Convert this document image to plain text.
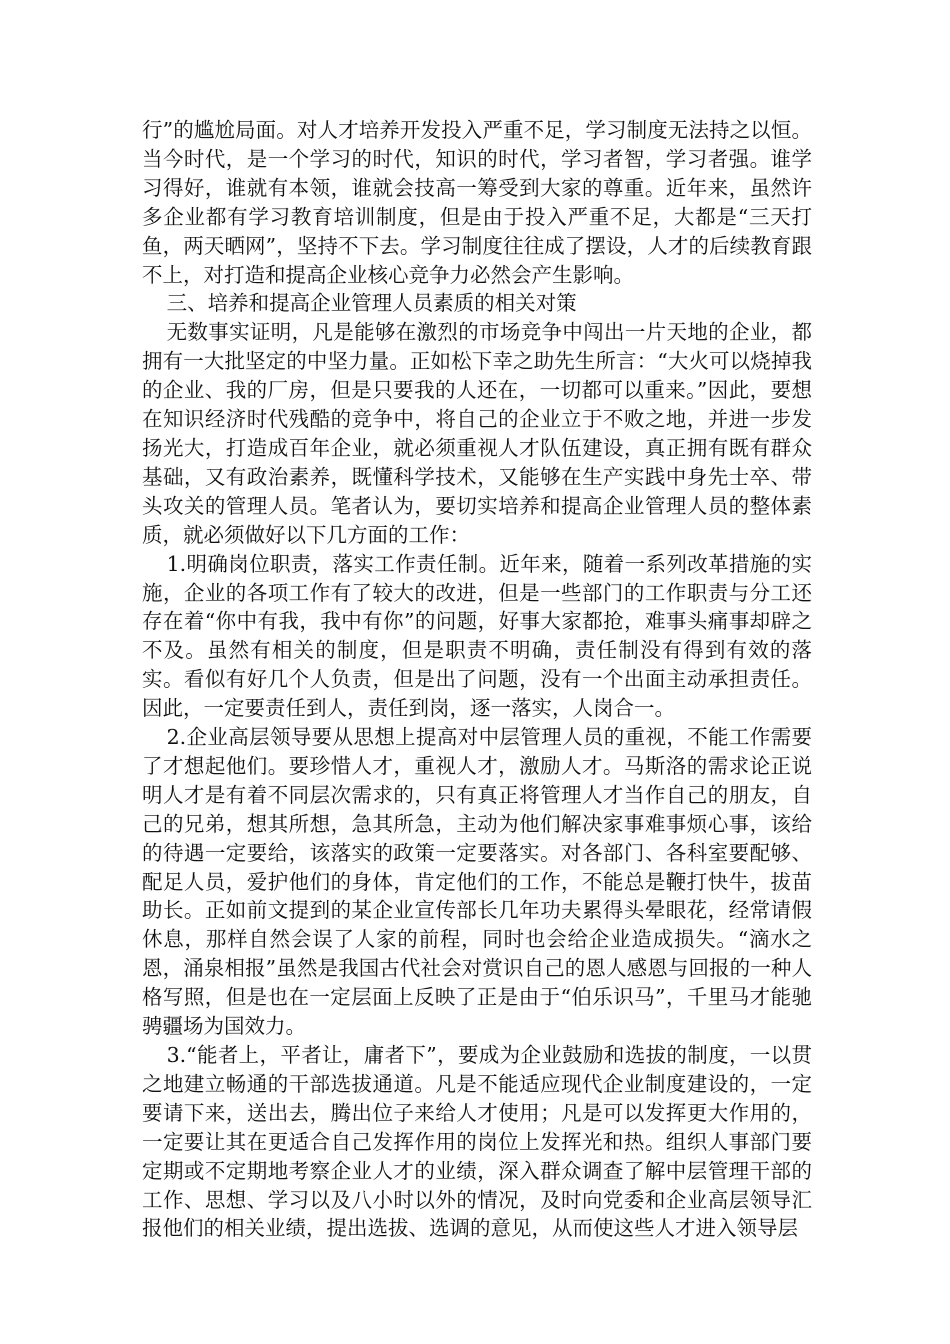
行”的尴尬局面。对人才培养开发投入严重不足，学习制度无法持之以恒。当今时代，是一个学习的时代，知识的时代，学习者智，学习者强。谁学习得好，谁就有本领，谁就会技高一筹受到大家的尊重。近年来，虽然许多企业都有学习教育培训制度，但是由于投入严重不足，大都是“三天打鱼，两天晒网”，坚持不下去。学习制度往往成了摆设，人才的后续教育跟不上，对打造和提高企业核心竞争力必然会产生影响。

三、培养和提高企业管理人员素质的相关对策

无数事实证明，凡是能够在激烈的市场竞争中闯出一片天地的企业，都拥有一大批坚定的中坚力量。正如松下幸之助先生所言：“大火可以烧掉我的企业、我的厂房，但是只要我的人还在，一切都可以重来。”因此，要想在知识经济时代残酷的竞争中，将自己的企业立于不败之地，并进一步发扬光大，打造成百年企业，就必须重视人才队伍建设，真正拥有既有群众基础，又有政治素养，既懂科学技术，又能够在生产实践中身先士卒、带头攻关的管理人员。笔者认为，要切实培养和提高企业管理人员的整体素质，就必须做好以下几方面的工作：

1.明确岗位职责，落实工作责任制。近年来，随着一系列改革措施的实施，企业的各项工作有了较大的改进，但是一些部门的工作职责与分工还存在着“你中有我，我中有你”的问题，好事大家都抢，难事头痛事却辟之不及。虽然有相关的制度，但是职责不明确，责任制没有得到有效的落实。看似有好几个人负责，但是出了问题，没有一个出面主动承担责任。因此，一定要责任到人，责任到岗，逐一落实，人岗合一。

2.企业高层领导要从思想上提高对中层管理人员的重视，不能工作需要了才想起他们。要珍惜人才，重视人才，激励人才。马斯洛的需求论正说明人才是有着不同层次需求的，只有真正将管理人才当作自己的朋友，自己的兄弟，想其所想，急其所急，主动为他们解决家事难事烦心事，该给的待遇一定要给，该落实的政策一定要落实。对各部门、各科室要配够、配足人员，爱护他们的身体，肯定他们的工作，不能总是鞭打快牛，拔苗助长。正如前文提到的某企业宣传部长几年功夫累得头晕眼花，经常请假休息，那样自然会误了人家的前程，同时也会给企业造成损失。“滴水之恩，涌泉相报”虽然是我国古代社会对赏识自己的恩人感恩与回报的一种人格写照，但是也在一定层面上反映了正是由于“伯乐识马”，千里马才能驰骋疆场为国效力。

3.“能者上，平者让，庸者下”，要成为企业鼓励和选拔的制度，一以贯之地建立畅通的干部选拔通道。凡是不能适应现代企业制度建设的，一定要请下来，送出去，腾出位子来给人才使用；凡是可以发挥更大作用的，一定要让其在更适合自己发挥作用的岗位上发挥光和热。组织人事部门要定期或不定期地考察企业人才的业绩，深入群众调查了解中层管理干部的工作、思想、学习以及八小时以外的情况，及时向党委和企业高层领导汇报他们的相关业绩，提出选拔、选调的意见，从而使这些人才进入领导层
